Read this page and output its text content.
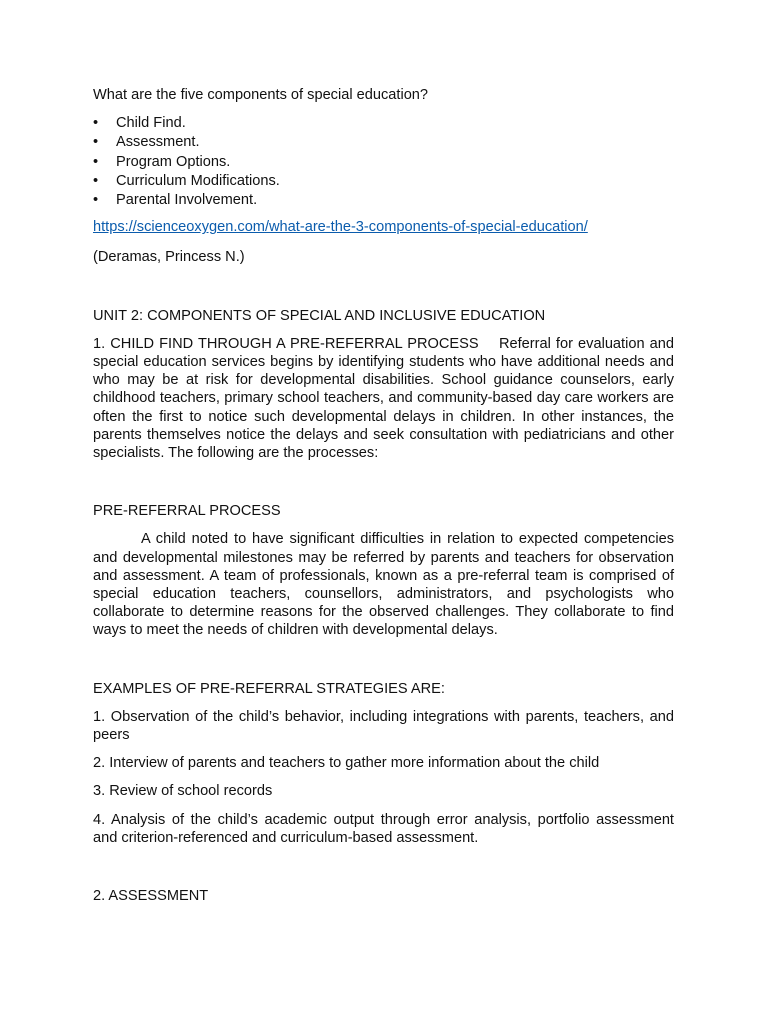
What are the five components of special education?

•	Child Find.
•	Assessment.
•	Program Options.
•	Curriculum Modifications.
•	Parental Involvement.

https://scienceoxygen.com/what-are-the-3-components-of-special-education/

(Deramas, Princess N.)

UNIT 2: COMPONENTS OF SPECIAL AND INCLUSIVE EDUCATION

1. CHILD FIND THROUGH A PRE-REFERRAL PROCESS Referral for evaluation and special education services begins by identifying students who have additional needs and who may be at risk for developmental disabilities. School guidance counselors, early childhood teachers, primary school teachers, and community-based day care workers are often the first to notice such developmental delays in children. In other instances, the parents themselves notice the delays and seek consultation with pediatricians and other specialists. The following are the processes:

PRE-REFERRAL PROCESS

A child noted to have significant difficulties in relation to expected competencies and developmental milestones may be referred by parents and teachers for observation and assessment. A team of professionals, known as a pre-referral team is comprised of special education teachers, counsellors, administrators, and psychologists who collaborate to determine reasons for the observed challenges. They collaborate to find ways to meet the needs of children with developmental delays.

EXAMPLES OF PRE-REFERRAL STRATEGIES ARE:

1. Observation of the child’s behavior, including integrations with parents, teachers, and peers

2. Interview of parents and teachers to gather more information about the child

3. Review of school records

4. Analysis of the child’s academic output through error analysis, portfolio assessment and criterion-referenced and curriculum-based assessment.

2. ASSESSMENT
